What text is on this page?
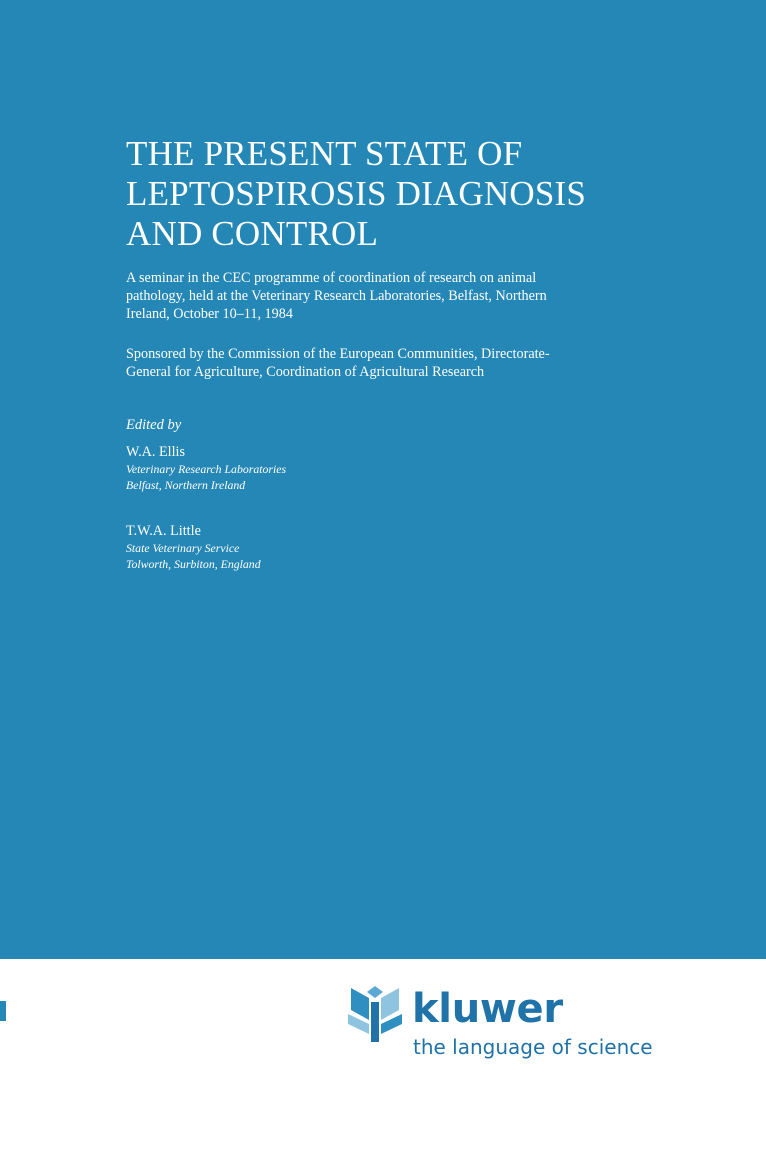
THE PRESENT STATE OF
LEPTOSPIROSIS DIAGNOSIS
AND CONTROL

A seminar in the CEC programme of coordination of research on animal
pathology, held at the Veterinary Research Laboratories, Belfast, Northern
Ireland, October 10–11, 1984

Sponsored by the Commission of the European Communities, Directorate-
General for Agriculture, Coordination of Agricultural Research

Edited by

W.A. Ellis
Veterinary Research Laboratories
Belfast, Northern Ireland
T.W.A. Little
State Veterinary Service
Tolworth, Surbiton, England

kluwer

the language of science
